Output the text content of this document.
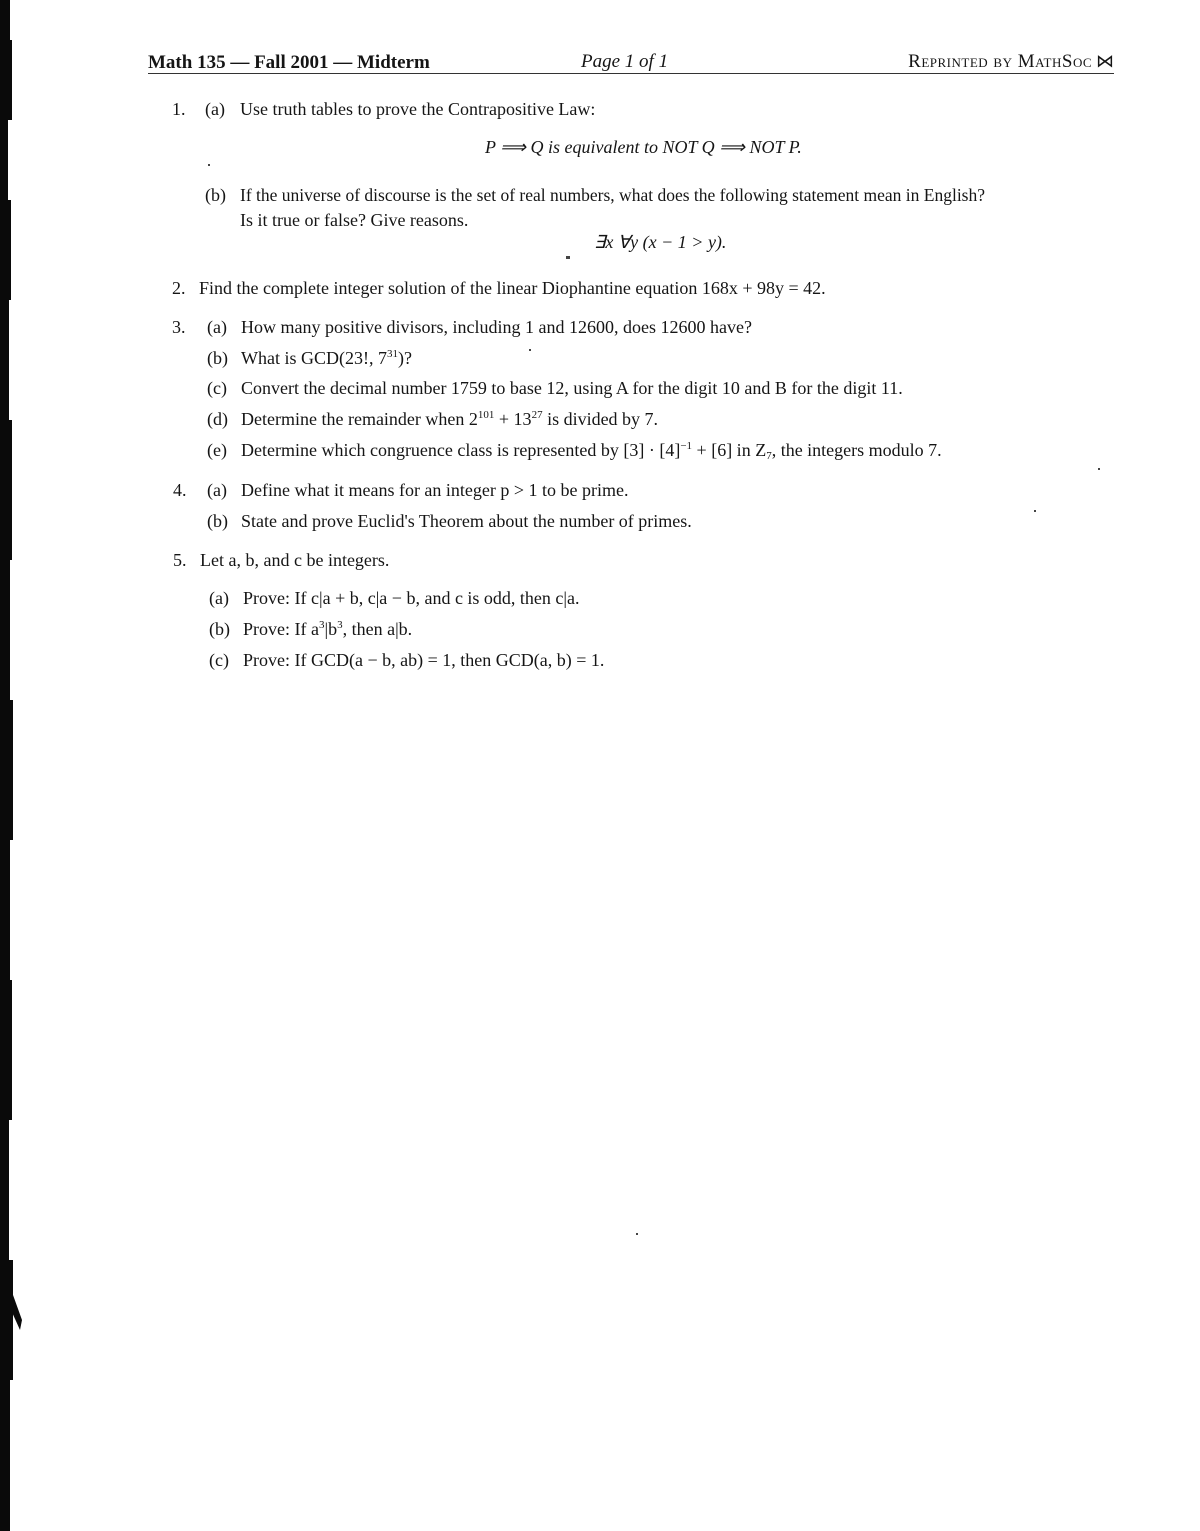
Math 135 — Fall 2001 — Midterm	Page 1 of 1	Reprinted by MathSoc ⋈
1. (a) Use truth tables to prove the Contrapositive Law:
P ⟹ Q is equivalent to NOT Q ⟹ NOT P.
(b) If the universe of discourse is the set of real numbers, what does the following statement mean in English?
Is it true or false? Give reasons.
∃x ∀y (x − 1 > y).
2. Find the complete integer solution of the linear Diophantine equation 168x + 98y = 42.
3. (a) How many positive divisors, including 1 and 12600, does 12600 have?
(b) What is GCD(23!, $7^{31}$)?
(c) Convert the decimal number 1759 to base 12, using A for the digit 10 and B for the digit 11.
(d) Determine the remainder when $2^{101} + 13^{27}$ is divided by 7.
(e) Determine which congruence class is represented by $[3] \cdot [4]^{-1} + [6]$ in $Z_7$, the integers modulo 7.
4. (a) Define what it means for an integer p > 1 to be prime.
(b) State and prove Euclid's Theorem about the number of primes.
5. Let a, b, and c be integers.
(a) Prove: If c|a + b, c|a − b, and c is odd, then c|a.
(b) Prove: If $a^3|b^3$, then a|b.
(c) Prove: If GCD(a − b, ab) = 1, then GCD(a, b) = 1.
